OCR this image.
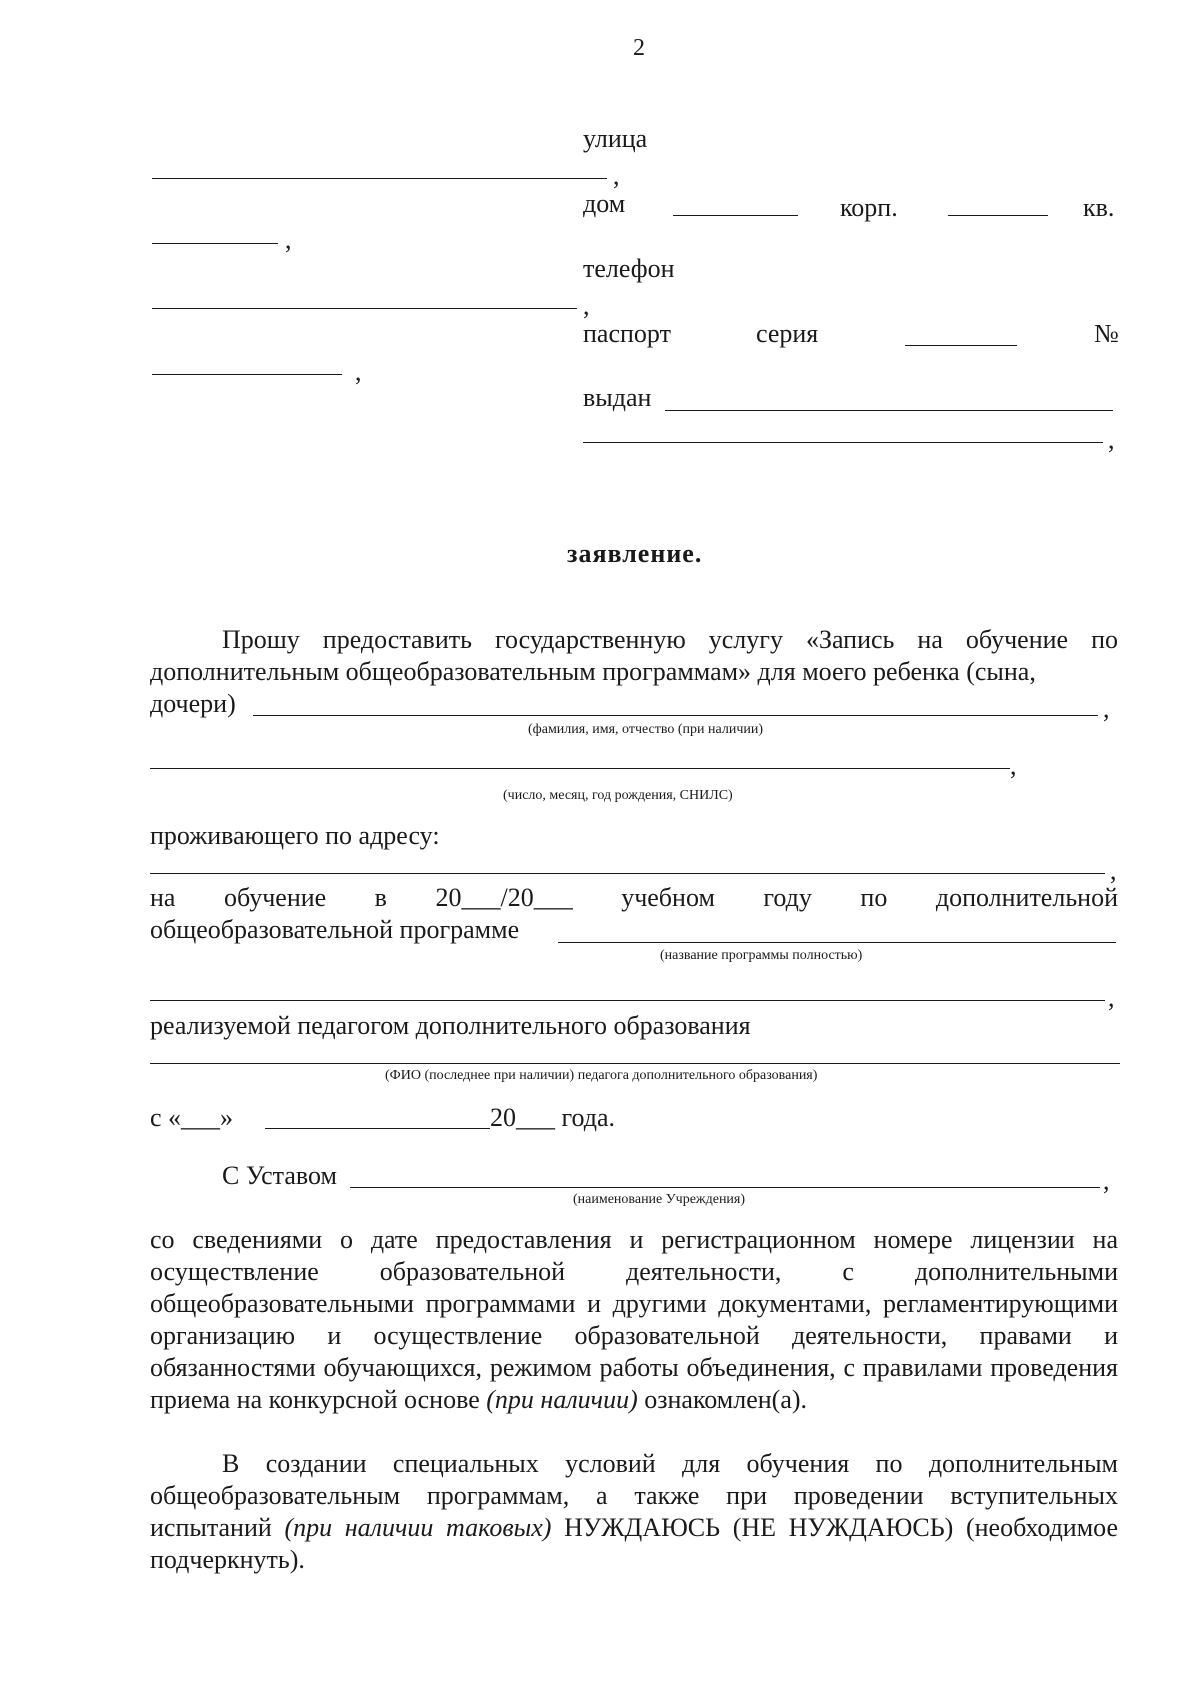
2
улица
,
дом	корп.	кв.
,
телефон
,
паспорт	серия	№
,
выдан
,
заявление.
Прошу предоставить государственную услугу «Запись на обучение по дополнительным общеобразовательным программам» для моего ребенка (сына,
дочери)	,
(фамилия, имя, отчество (при наличии)
,
(число, месяц, год рождения, СНИЛС)
проживающего по адресу:
,
на обучение в 20___/20___ учебном году по дополнительной
общеобразовательной программе
(название программы полностью)
,
реализуемой педагогом дополнительного образования
(ФИО (последнее при наличии) педагога дополнительного образования)
с «___»	20___ года.
С Уставом	,
(наименование Учреждения)
со сведениями о дате предоставления и регистрационном номере лицензии на осуществление образовательной деятельности, с дополнительными общеобразовательными программами и другими документами, регламентирующими организацию и осуществление образовательной деятельности, правами и обязанностями обучающихся, режимом работы объединения, с правилами проведения приема на конкурсной основе (при наличии) ознакомлен(а).
В создании специальных условий для обучения по дополнительным общеобразовательным программам, а также при проведении вступительных испытаний (при наличии таковых) НУЖДАЮСЬ (НЕ НУЖДАЮСЬ) (необходимое подчеркнуть).
